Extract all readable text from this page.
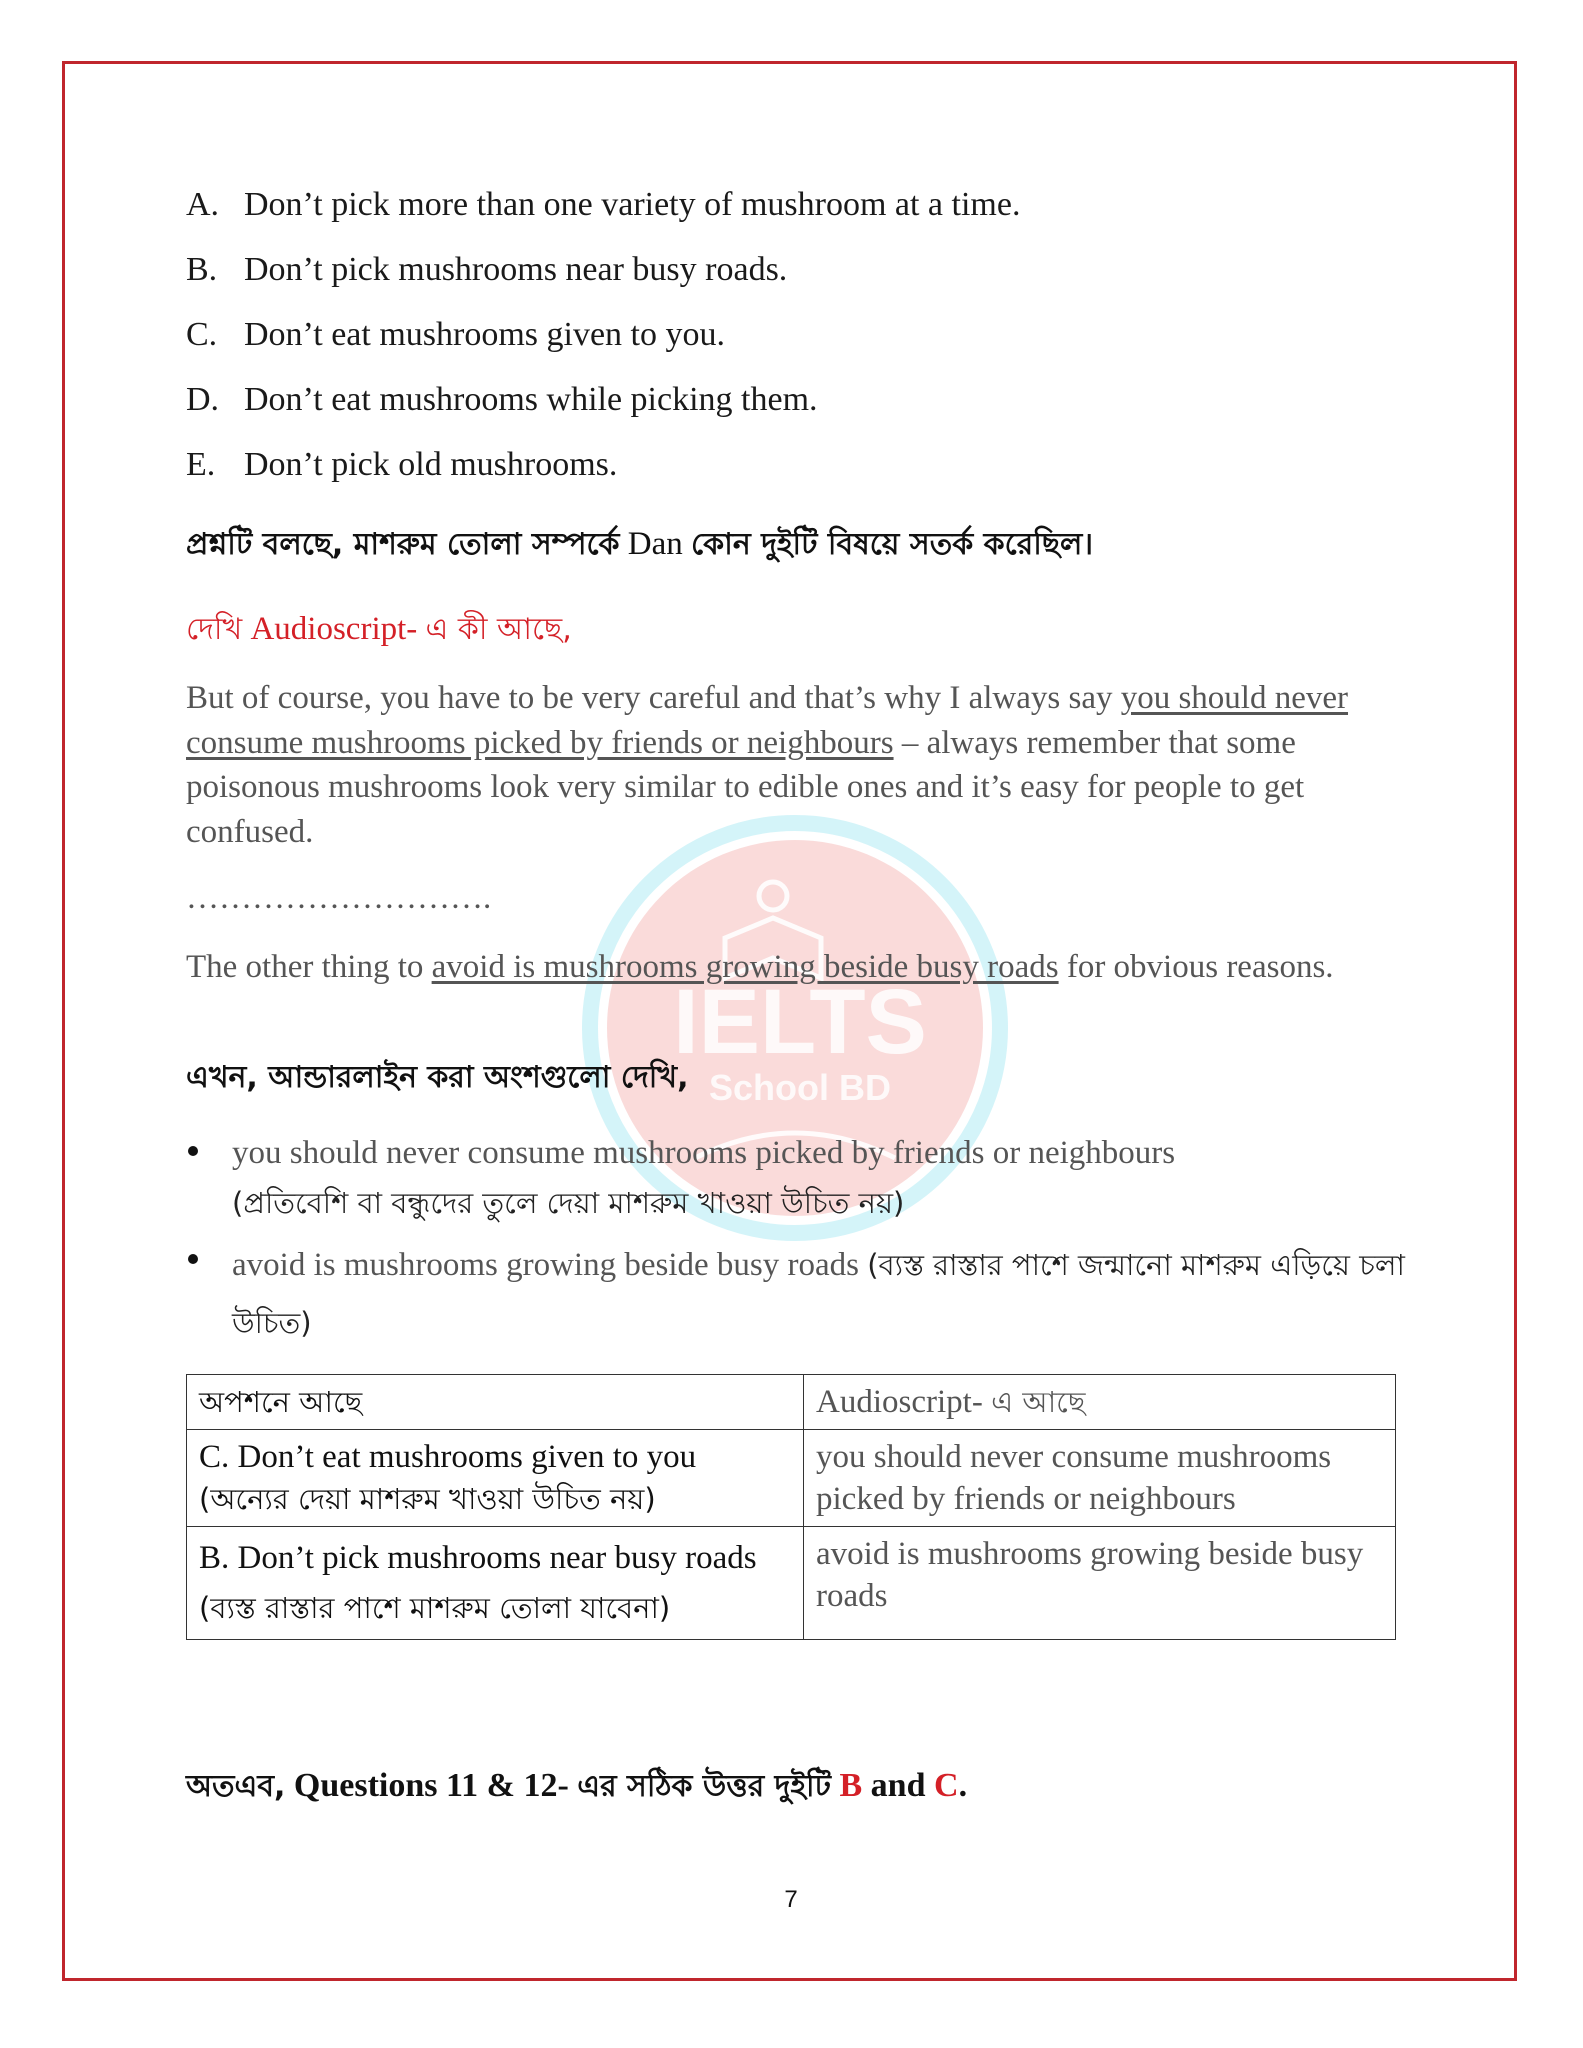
IELTS
School BD
A. Don’t pick more than one variety of mushroom at a time.
B. Don’t pick mushrooms near busy roads.
C. Don’t eat mushrooms given to you.
D. Don’t eat mushrooms while picking them.
E. Don’t pick old mushrooms.
প্রশ্নটি বলছে, মাশরুম তোলা সম্পর্কে Dan কোন দুইটি বিষয়ে সতর্ক করেছিল।
দেখি Audioscript- এ কী আছে,
But of course, you have to be very careful and that’s why I always say you should never consume mushrooms picked by friends or neighbours – always remember that some poisonous mushrooms look very similar to edible ones and it’s easy for people to get confused.
……………………….
The other thing to avoid is mushrooms growing beside busy roads for obvious reasons.
এখন, আন্ডারলাইন করা অংশগুলো দেখি,
you should never consume mushrooms picked by friends or neighbours
(প্রতিবেশি বা বন্ধুদের তুলে দেয়া মাশরুম খাওয়া উচিত নয়)
avoid is mushrooms growing beside busy roads (ব্যস্ত রাস্তার পাশে জন্মানো মাশরুম এড়িয়ে চলা উচিত)
অপশনে আছে	Audioscript- এ আছে
C. Don’t eat mushrooms given to you
(অন্যের দেয়া মাশরুম খাওয়া উচিত নয়)	you should never consume mushrooms picked by friends or neighbours
B. Don’t pick mushrooms near busy roads (ব্যস্ত রাস্তার পাশে মাশরুম তোলা যাবেনা)	avoid is mushrooms growing beside busy roads
অতএব, Questions 11 & 12- এর সঠিক উত্তর দুইটি B and C.
7
